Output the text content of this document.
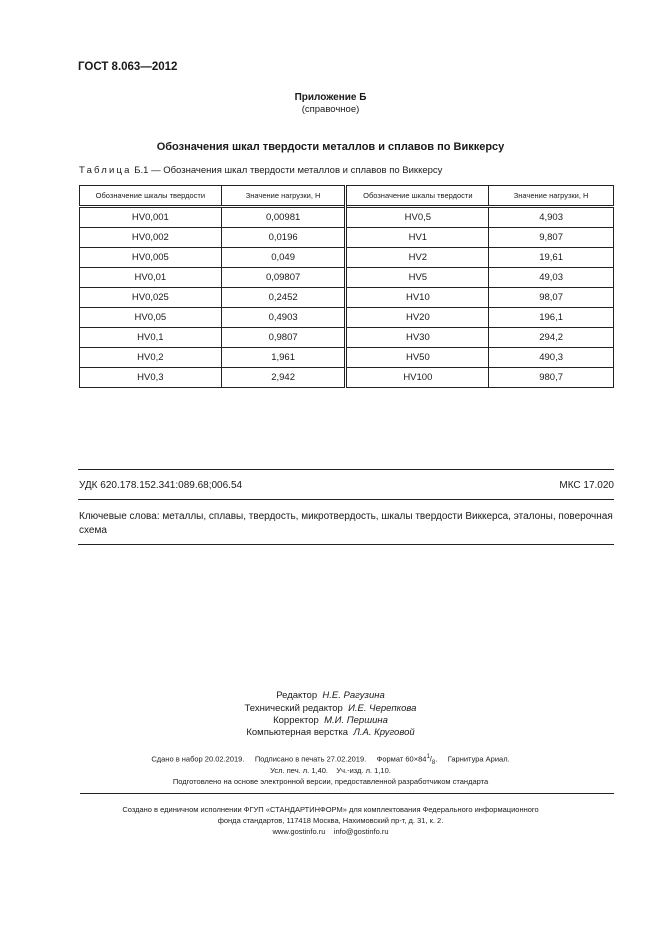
ГОСТ 8.063—2012
Приложение Б
(справочное)
Обозначения шкал твердости металлов и сплавов по Виккерсу
Таблица Б.1 — Обозначения шкал твердости металлов и сплавов по Виккерсу
Обозначение шкалы твердости	Значение нагрузки, Н	Обозначение шкалы твердости	Значение нагрузки, Н
HV0,001	0,00981	HV0,5	4,903
HV0,002	0,0196	HV1	9,807
HV0,005	0,049	HV2	19,61
HV0,01	0,09807	HV5	49,03
HV0,025	0,2452	HV10	98,07
HV0,05	0,4903	HV20	196,1
HV0,1	0,9807	HV30	294,2
HV0,2	1,961	HV50	490,3
HV0,3	2,942	HV100	980,7
УДК 620.178.152.341:089.68;006.54	МКС 17.020
Ключевые слова: металлы, сплавы, твердость, микротвердость, шкалы твердости Виккерса, эталоны, поверочная схема
Редактор Н.Е. Рагузина
Технический редактор И.Е. Черепкова
Корректор М.И. Першина
Компьютерная верстка Л.А. Круговой
Сдано в набор 20.02.2019. Подписано в печать 27.02.2019. Формат $60\times 84^1/_8$.     Гарнитура Ариал.
Усл. печ. л. 1,40. Уч.-изд. л. 1,10.
Подготовлено на основе электронной версии, предоставленной разработчиком стандарта
Создано в единичном исполнении ФГУП «СТАНДАРТИНФОРМ» для комплектования Федерального информационного
фонда стандартов, 117418 Москва, Нахимовский пр-т, д. 31, к. 2.
www.gostinfo.ru info@gostinfo.ru
